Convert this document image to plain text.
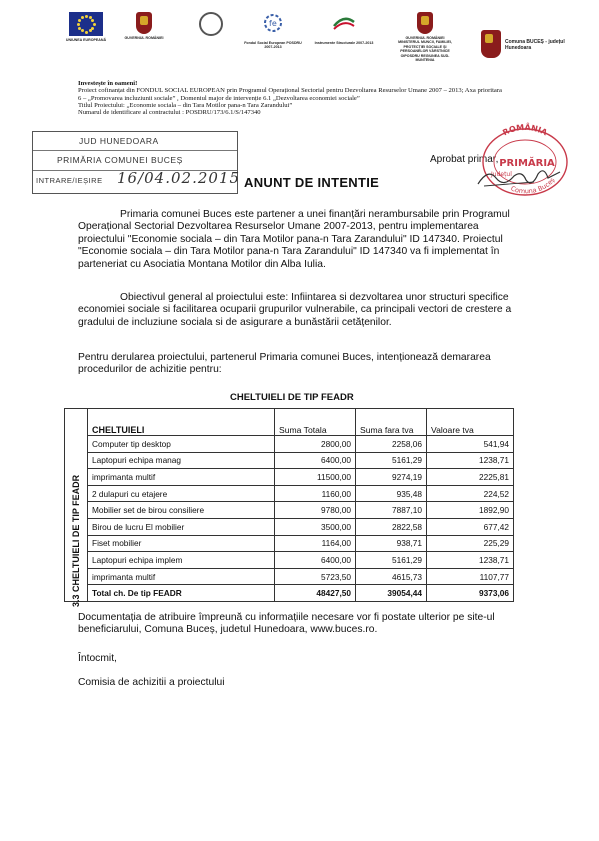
UNIUNEA EUROPEANĂ	GUVERNUL ROMÂNIEI
fe
Fondul Social European POSDRU 2007-2013
Instrumente Structurale 2007-2013
GUVERNUL ROMÂNIEI MINISTERUL MUNCII, FAMILIEI, PROTECȚIEI SOCIALE ȘI PERSOANELOR VÂRSTNICE OIPOSDRU REGIUNEA SUD-MUNTENIA
Comuna BUCEȘ - județul Hunedoara
Investește în oameni!
Proiect cofinanțat din FONDUL SOCIAL EUROPEAN prin Programul Operațional Sectorial pentru Dezvoltarea Resurselor Umane 2007 – 2013; Axa prioritara
6 – „Promovarea incluziunii sociale” , Domeniul major de intervenție 6.1 „Dezvoltarea economiei sociale”
Titlul Proiectului: „Economie sociala – din Tara Motilor pana-n Tara Zarandului”
Numarul de identificare al contractului : POSDRU/173/6.1/S/147340
JUD HUNEDOARA
PRIMĂRIA COMUNEI BUCEȘ
INTRARE/IEȘIRE 16/04.02.2015
Aprobat primar,
ROMÂNIA
PRIMĂRIA
Județul
Comuna Buceș
ANUNT DE INTENTIE
Primaria comunei Buces este partener a unei finanțări nerambursabile prin Programul Operațional Sectorial Dezvoltarea Resurselor Umane 2007-2013, pentru implementarea proiectului "Economie sociala – din Tara Motilor pana-n Tara Zarandului" ID 147340. Proiectul "Economie sociala – din Tara Motilor pana-n Tara Zarandului" ID 147340 va fi implementat în parteneriat cu Asociatia Montana Motilor din Alba Iulia.
Obiectivul general al proiectului este: Infiintarea si dezvoltarea unor structuri specifice economiei sociale si facilitarea ocuparii grupurilor vulnerabile, ca principali vectori de crestere a gradului de incluziune sociala si de asigurare a bunăstării cetățenilor.
Pentru derularea proiectului, partenerul Primaria comunei Buces, intenționează demararea procedurilor de achizitie pentru:
CHELTUIELI DE TIP FEADR
3.3 CHELTUIELI DE TIP FEADR	CHELTUIELI	Suma Totala	Suma fara tva	Valoare tva
	Computer tip desktop	2800,00	2258,06	541,94
	Laptopuri echipa manag	6400,00	5161,29	1238,71
	imprimanta multif	11500,00	9274,19	2225,81
	2 dulapuri cu etajere	1160,00	935,48	224,52
	Mobilier set de birou consiliere	9780,00	7887,10	1892,90
	Birou de lucru El mobilier	3500,00	2822,58	677,42
	Fiset mobilier	1164,00	938,71	225,29
	Laptopuri echipa implem	6400,00	5161,29	1238,71
	imprimanta multif	5723,50	4615,73	1107,77
	Total ch. De tip FEADR	48427,50	39054,44	9373,06
Documentația de atribuire împreună cu informațiile necesare vor fi postate ulterior pe site-ul beneficiarului, Comuna Buceș, judetul Hunedoara, www.buces.ro.
Întocmit,
Comisia de achizitii a proiectului
